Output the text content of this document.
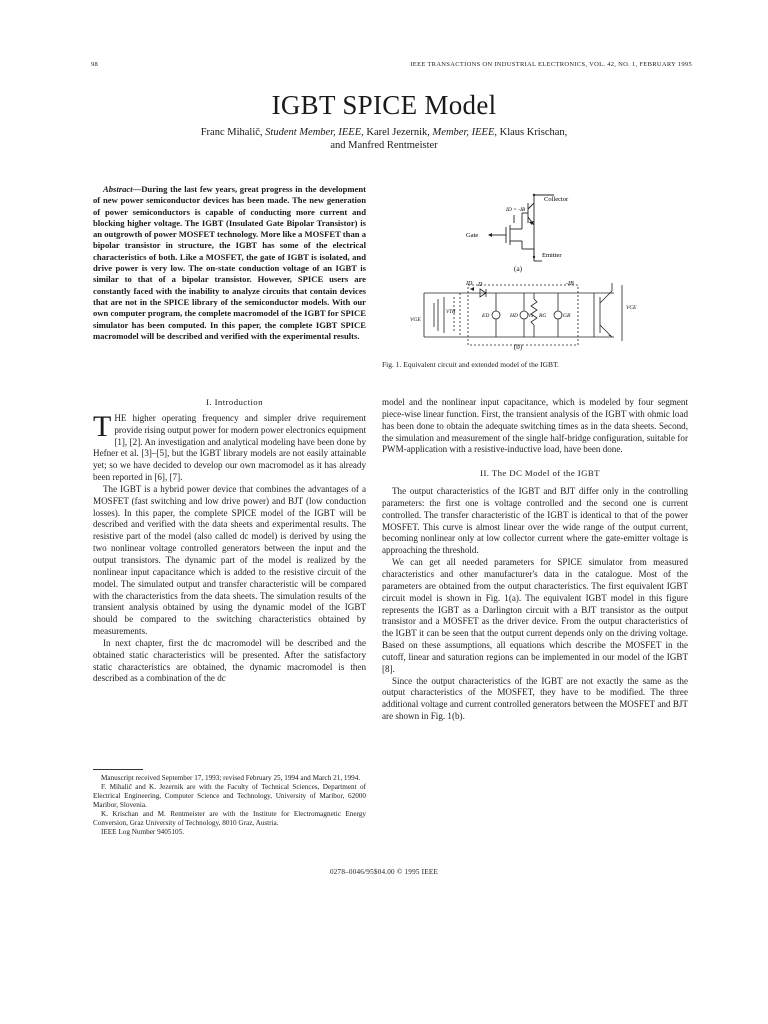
98	IEEE TRANSACTIONS ON INDUSTRIAL ELECTRONICS, VOL. 42, NO. 1, FEBRUARY 1995
IGBT SPICE Model
Franc Mihalič, Student Member, IEEE, Karel Jezernik, Member, IEEE, Klaus Krischan,
and Manfred Rentmeister
Abstract—During the last few years, great progress in the development of new power semiconductor devices has been made. The new generation of power semiconductors is capable of conducting more current and blocking higher voltage. The IGBT (Insulated Gate Bipolar Transistor) is an outgrowth of power MOSFET technology. More like a MOSFET than a bipolar transistor in structure, the IGBT has some of the electrical characteristics of both. Like a MOSFET, the gate of IGBT is isolated, and drive power is very low. The on-state conduction voltage of an IGBT is similar to that of a bipolar transistor. However, SPICE users are constantly faced with the inability to analyze circuits that contain devices that are not in the SPICE library of the semiconductor models. With our own computer program, the complete macromodel of the IGBT for SPICE simulator has been computed. In this paper, the complete IGBT SPICE macromodel will be described and verified with the experimental results.
Collector
Emitter
Gate
ID = -IB
ID D	-IB
VGE
VTH
ED	HD Vx RG	GB
VCE
(a)
(b)
Fig. 1. Equivalent circuit and extended model of the IGBT.

I. Introduction

THE higher operating frequency and simpler drive requirement provide rising output power for modern power electronics equipment [1], [2]. An investigation and analytical modeling have been done by Hefner et al. [3]–[5], but the IGBT library models are not easily attainable yet; so we have decided to develop our own macromodel as it has already been reported in [6], [7].

The IGBT is a hybrid power device that combines the advantages of a MOSFET (fast switching and low drive power) and BJT (low conduction losses). In this paper, the complete SPICE model of the IGBT will be described and verified with the data sheets and experimental results. The resistive part of the model (also called dc model) is derived by using the two nonlinear voltage controlled generators between the input and the output transistors. The dynamic part of the model is realized by the nonlinear input capacitance which is added to the resistive circuit of the model. The simulated output and transfer characteristic will be compared with the characteristics from the data sheets. The simulation results of the transient analysis obtained by using the dynamic model of the IGBT should be compared to the switching characteristics obtained by measurements.

In next chapter, first the dc macromodel will be described and the obtained static characteristics will be presented. After the satisfactory static characteristics are obtained, the dynamic macromodel is then described as a combination of the dc

Manuscript received September 17, 1993; revised February 25, 1994 and March 21, 1994.

F. Mihalič and K. Jezernik are with the Faculty of Technical Sciences, Department of Electrical Engineering, Computer Science and Technology, University of Maribor, 62000 Maribor, Slovenia.

K. Krischan and M. Rentmeister are with the Institute for Electromagnetic Energy Conversion, Graz University of Technology, 8010 Graz, Austria.

IEEE Log Number 9405105.

model and the nonlinear input capacitance, which is modeled by four segment piece-wise linear function. First, the transient analysis of the IGBT with ohmic load has been done to obtain the adequate switching times as in the data sheets. Second, the simulation and measurement of the single half-bridge configuration, suitable for PWM-application with a resistive-inductive load, have been done.

II. The DC Model of the IGBT

The output characteristics of the IGBT and BJT differ only in the controlling parameters: the first one is voltage controlled and the second one is current controlled. The transfer characteristic of the IGBT is identical to that of the power MOSFET. This curve is almost linear over the wide range of the output current, becoming nonlinear only at low collector current where the gate-emitter voltage is approaching the threshold.

We can get all needed parameters for SPICE simulator from measured characteristics and other manufacturer's data in the catalogue. Most of the parameters are obtained from the output characteristics. The first equivalent IGBT circuit model is shown in Fig. 1(a). The equivalent IGBT model in this figure represents the IGBT as a Darlington circuit with a BJT transistor as the output transistor and a MOSFET as the driver device. From the output characteristics of the IGBT it can be seen that the output current depends only on the driving voltage. Based on these assumptions, all equations which describe the MOSFET in the cutoff, linear and saturation regions can be implemented in our model of the IGBT [8].

Since the output characteristics of the IGBT are not exactly the same as the output characteristics of the MOSFET, they have to be modified. The three additional voltage and current controlled generators between the MOSFET and BJT are shown in Fig. 1(b).

0278–0046/95$04.00 © 1995 IEEE
